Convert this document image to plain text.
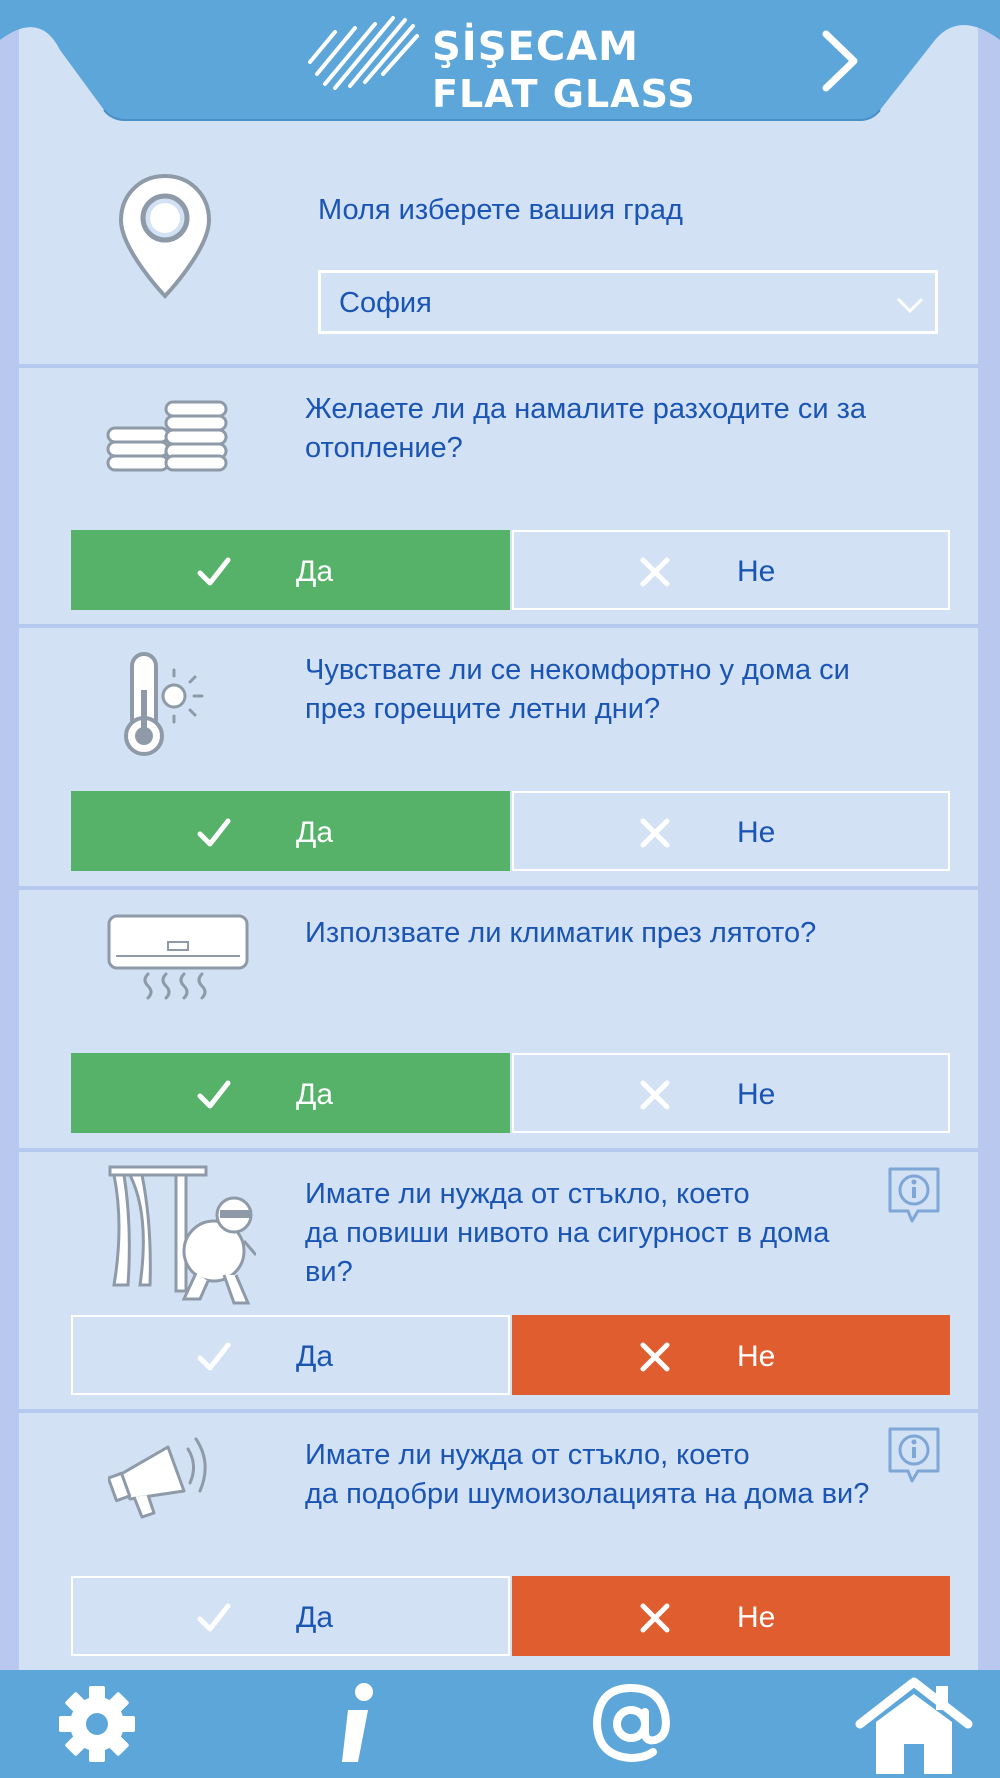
ŞİŞECAM
FLAT GLASS
Моля изберете вашия град
София
Желаете ли да намалите разходите си за
отопление?
Да	Не
Чувствате ли се некомфортно у дома си
през горещите летни дни?
Да	Не
Използвате ли климатик през лятото?
Да	Не
Имате ли нужда от стъкло, което
да повиши нивото на сигурност в дома
ви?
Да	Не
Имате ли нужда от стъкло, което
да подобри шумоизолацията на дома ви?
Да	Не
